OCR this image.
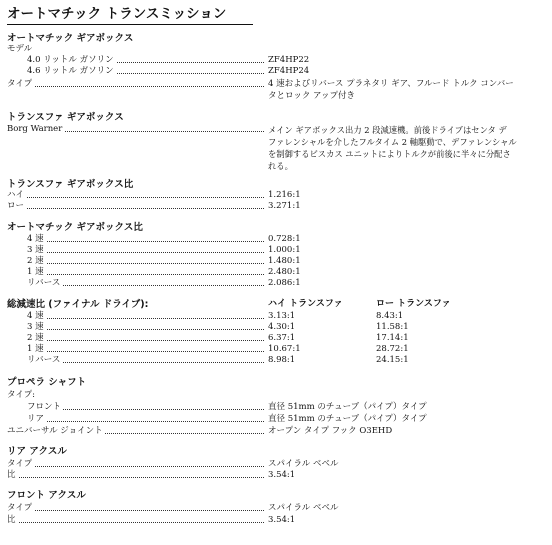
オートマチック トランスミッション
オートマチック ギアボックス
モデル
4.0 リットル ガソリン	ZF4HP22
4.6 リットル ガソリン	ZF4HP24
タイプ	4 速およびリバース プラネタリ ギア、フルード トルク コンバー
タとロック アップ付き
トランスファ ギアボックス
Borg Warner	メイン ギアボックス出力 2 段減速機。前後ドライブはセンタ デ
ファレンシャルを介したフルタイム 2 軸駆動で、デファレンシャル
を制御するビスカス ユニットによりトルクが前後に半々に分配さ
れる。
トランスファ ギアボックス比
ハイ	1.216:1
ロー	3.271:1
オートマチック ギアボックス比
4 速	0.728:1
3 速	1.000:1
2 速	1.480:1
1 速	2.480:1
リバース	2.086:1
総減速比 (ファイナル ドライブ):	ハイ トランスファ	ロー トランスファ
4 速	3.13:1	8.43:1
3 速	4.30:1	11.58:1
2 速	6.37:1	17.14:1
1 速	10.67:1	28.72:1
リバース	8.98:1	24.15:1
プロペラ シャフト
タイプ:
フロント	直径 51mm のチューブ（パイプ）タイプ
リア	直径 51mm のチューブ（パイプ）タイプ
ユニバーサル ジョイント	オープン タイプ フック O3EHD
リア アクスル
タイプ	スパイラル ベベル
比	3.54:1
フロント アクスル
タイプ	スパイラル ベベル
比	3.54:1
